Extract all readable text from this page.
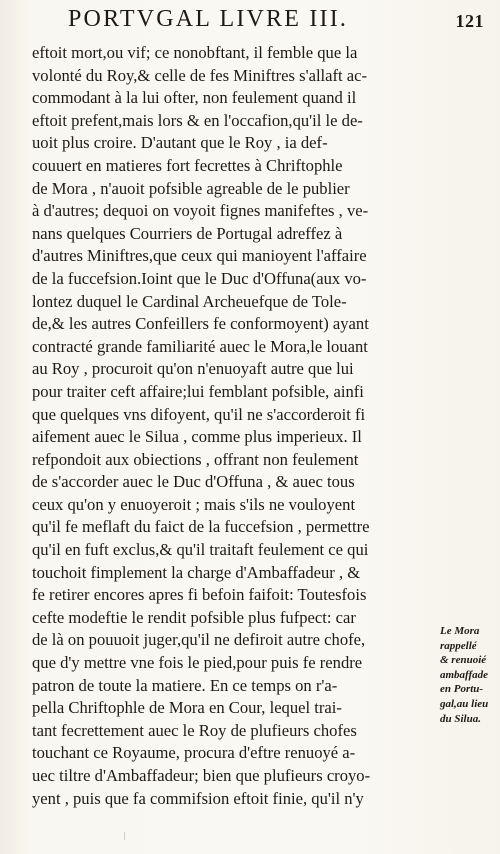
PORTVGAL LIVRE III.	121
eftoit mort,ou vif; ce nonobftant, il femble que la
volonté du Roy,& celle de fes Miniftres s'allaft ac-
commodant à la lui ofter, non feulement quand il
eftoit prefent,mais lors & en l'occafion,qu'il le de-
uoit plus croire. D'autant que le Roy , ia def-
couuert en matieres fort fecrettes à Chriftophle
de Mora , n'auoit pofsible agreable de le publier
à d'autres; dequoi on voyoit fignes manifeftes , ve-
nans quelques Courriers de Portugal adreffez à
d'autres Miniftres,que ceux qui manioyent l'affaire
de la fuccefsion.Ioint que le Duc d'Offuna(aux vo-
lontez duquel le Cardinal Archeuefque de Tole-
de,& les autres Confeillers fe conformoyent) ayant
contracté grande familiarité auec le Mora,le louant
au Roy , procuroit qu'on n'enuoyaft autre que lui
pour traiter ceft affaire;lui femblant pofsible, ainfi
que quelques vns difoyent, qu'il ne s'accorderoit fi
aifement auec le Silua , comme plus imperieux. Il
refpondoit aux obiections , offrant non feulement
de s'accorder auec le Duc d'Offuna , & auec tous
ceux qu'on y enuoyeroit ; mais s'ils ne vouloyent
qu'il fe meflaft du faict de la fuccefsion , permettre
qu'il en fuft exclus,& qu'il traitaft feulement ce qui
touchoit fimplement la charge d'Ambaffadeur , &
fe retirer encores apres fi befoin faifoit: Toutesfois
cefte modeftie le rendit pofsible plus fufpect: car
de là on pouuoit juger,qu'il ne defiroit autre chofe,
que d'y mettre vne fois le pied,pour puis fe rendre
patron de toute la matiere. En ce temps on r'a-
pella Chriftophle de Mora en Cour, lequel trai-
tant fecrettement auec le Roy de plufieurs chofes
touchant ce Royaume, procura d'eftre renuoyé a-
uec tiltre d'Ambaffadeur; bien que plufieurs croyo-
yent , puis que fa commifsion eftoit finie, qu'il n'y
Le Mora
rappellé
& renuoié
ambaffade
en Portu-
gal,au lieu
du Silua.
